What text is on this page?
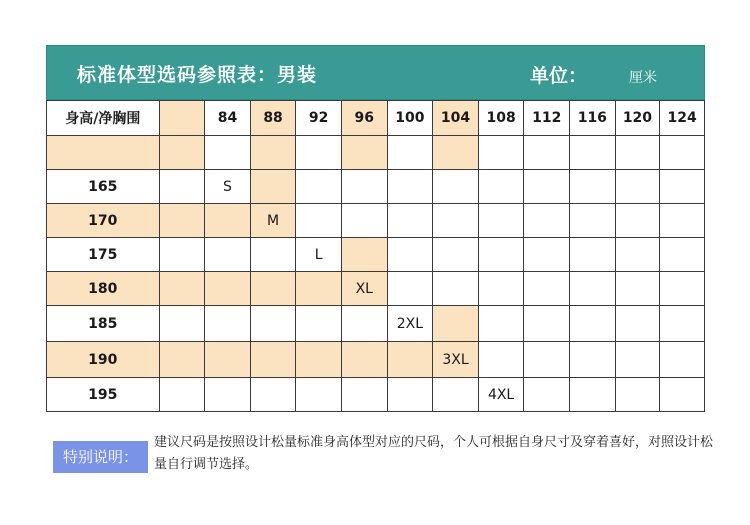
标准体型选码参照表：男装	单位：	厘米
身高/净胸围		84	88	92	96	100	104	108	112	116	120	124

165		S										
170			M									
175				L								
180					XL							
185						2XL						
190							3XL					
195								4XL				
特别说明：
建议尺码是按照设计松量标准身高体型对应的尺码，个人可根据自身尺寸及穿着喜好，对照设计松量自行调节选择。
